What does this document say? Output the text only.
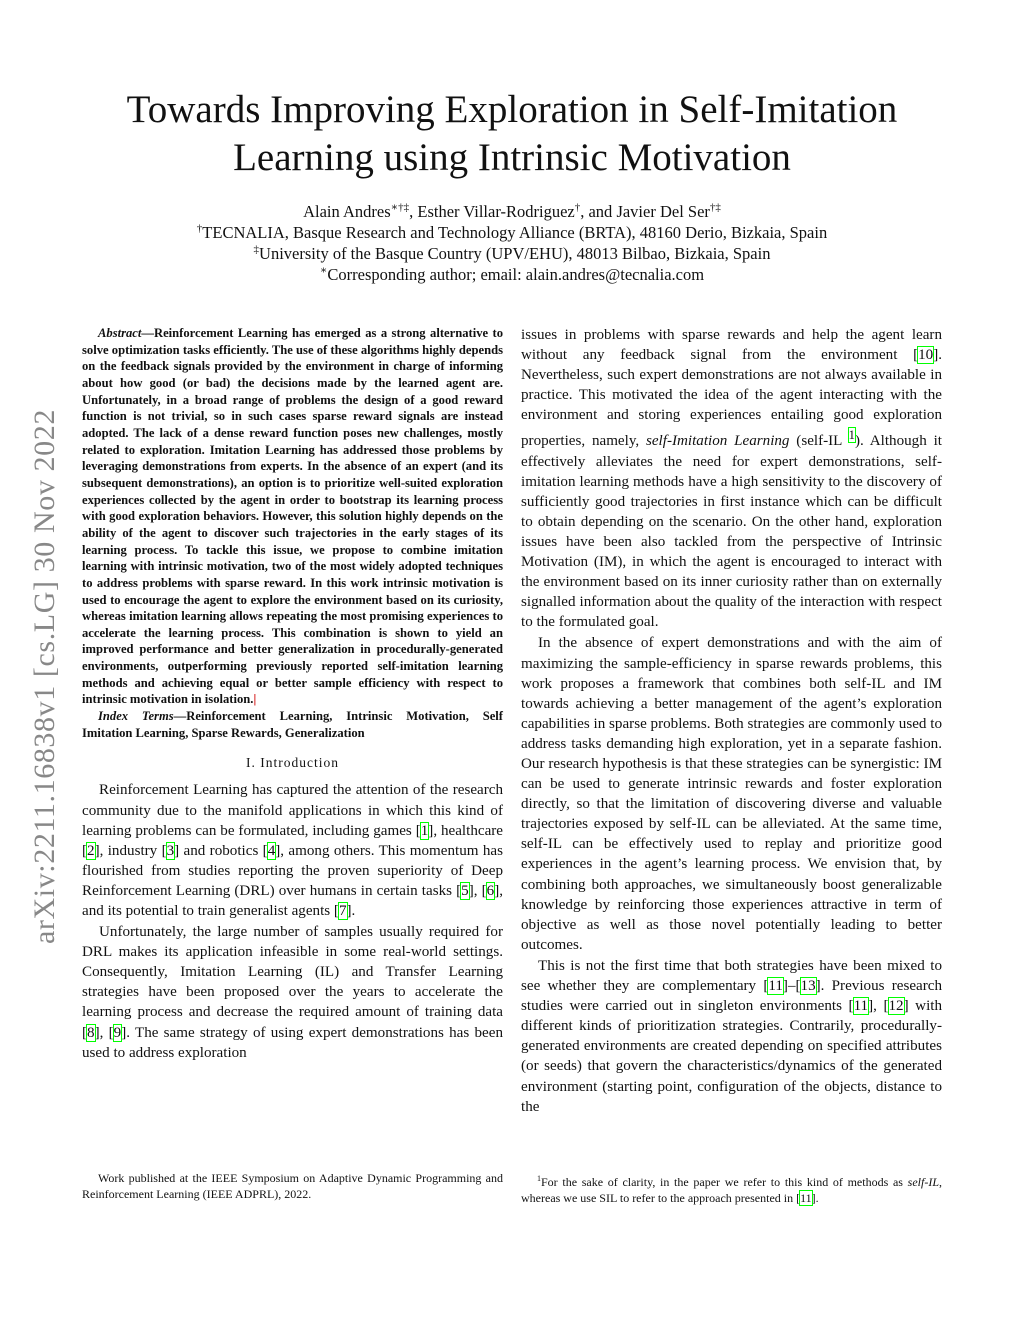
arXiv:2211.16838v1 [cs.LG] 30 Nov 2022
Towards Improving Exploration in Self-Imitation
Learning using Intrinsic Motivation
Alain Andres∗†‡, Esther Villar-Rodriguez†, and Javier Del Ser†‡
†TECNALIA, Basque Research and Technology Alliance (BRTA), 48160 Derio, Bizkaia, Spain
‡University of the Basque Country (UPV/EHU), 48013 Bilbao, Bizkaia, Spain
∗Corresponding author; email: alain.andres@tecnalia.com

Abstract—Reinforcement Learning has emerged as a strong alternative to solve optimization tasks efficiently. The use of these algorithms highly depends on the feedback signals provided by the environment in charge of informing about how good (or bad) the decisions made by the learned agent are. Unfortunately, in a broad range of problems the design of a good reward function is not trivial, so in such cases sparse reward signals are instead adopted. The lack of a dense reward function poses new challenges, mostly related to exploration. Imitation Learning has addressed those problems by leveraging demonstrations from experts. In the absence of an expert (and its subsequent demonstrations), an option is to prioritize well-suited exploration experiences collected by the agent in order to bootstrap its learning process with good exploration behaviors. However, this solution highly depends on the ability of the agent to discover such trajectories in the early stages of its learning process. To tackle this issue, we propose to combine imitation learning with intrinsic motivation, two of the most widely adopted techniques to address problems with sparse reward. In this work intrinsic motivation is used to encourage the agent to explore the environment based on its curiosity, whereas imitation learning allows repeating the most promising experiences to accelerate the learning process. This combination is shown to yield an improved performance and better generalization in procedurally-generated environments, outperforming previously reported self-imitation learning methods and achieving equal or better sample efficiency with respect to intrinsic motivation in isolation.|

Index Terms—Reinforcement Learning, Intrinsic Motivation, Self Imitation Learning, Sparse Rewards, Generalization

I. Introduction

Reinforcement Learning has captured the attention of the research community due to the manifold applications in which this kind of learning problems can be formulated, including games [1], healthcare [2], industry [3] and robotics [4], among others. This momentum has flourished from studies reporting the proven superiority of Deep Reinforcement Learning (DRL) over humans in certain tasks [5], [6], and its potential to train generalist agents [7].

Unfortunately, the large number of samples usually required for DRL makes its application infeasible in some real-world settings. Consequently, Imitation Learning (IL) and Transfer Learning strategies have been proposed over the years to accelerate the learning process and decrease the required amount of training data [8], [9]. The same strategy of using expert demonstrations has been used to address exploration

issues in problems with sparse rewards and help the agent learn without any feedback signal from the environment [10]. Nevertheless, such expert demonstrations are not always available in practice. This motivated the idea of the agent interacting with the environment and storing experiences entailing good exploration properties, namely, self-Imitation Learning (self-IL $^1$). Although it effectively alleviates the need for expert demonstrations, self-imitation learning methods have a high sensitivity to the discovery of sufficiently good trajectories in first instance which can be difficult to obtain depending on the scenario. On the other hand, exploration issues have been also tackled from the perspective of Intrinsic Motivation (IM), in which the agent is encouraged to interact with the environment based on its inner curiosity rather than on externally signalled information about the quality of the interaction with respect to the formulated goal.

In the absence of expert demonstrations and with the aim of maximizing the sample-efficiency in sparse rewards problems, this work proposes a framework that combines both self-IL and IM towards achieving a better management of the agent’s exploration capabilities in sparse problems. Both strategies are commonly used to address tasks demanding high exploration, yet in a separate fashion. Our research hypothesis is that these strategies can be synergistic: IM can be used to generate intrinsic rewards and foster exploration directly, so that the limitation of discovering diverse and valuable trajectories exposed by self-IL can be alleviated. At the same time, self-IL can be effectively used to replay and prioritize good experiences in the agent’s learning process. We envision that, by combining both approaches, we simultaneously boost generalizable knowledge by reinforcing those experiences attractive in term of objective as well as those novel potentially leading to better outcomes.

This is not the first time that both strategies have been mixed to see whether they are complementary [11]–[13]. Previous research studies were carried out in singleton environments [11], [12] with different kinds of prioritization strategies. Contrarily, procedurally-generated environments are created depending on specified attributes (or seeds) that govern the characteristics/dynamics of the generated environment (starting point, configuration of the objects, distance to the

Work published at the IEEE Symposium on Adaptive Dynamic Programming and Reinforcement Learning (IEEE ADPRL), 2022.

$^1$For the sake of clarity, in the paper we refer to this kind of methods as self-IL, whereas we use SIL to refer to the approach presented in [11].
